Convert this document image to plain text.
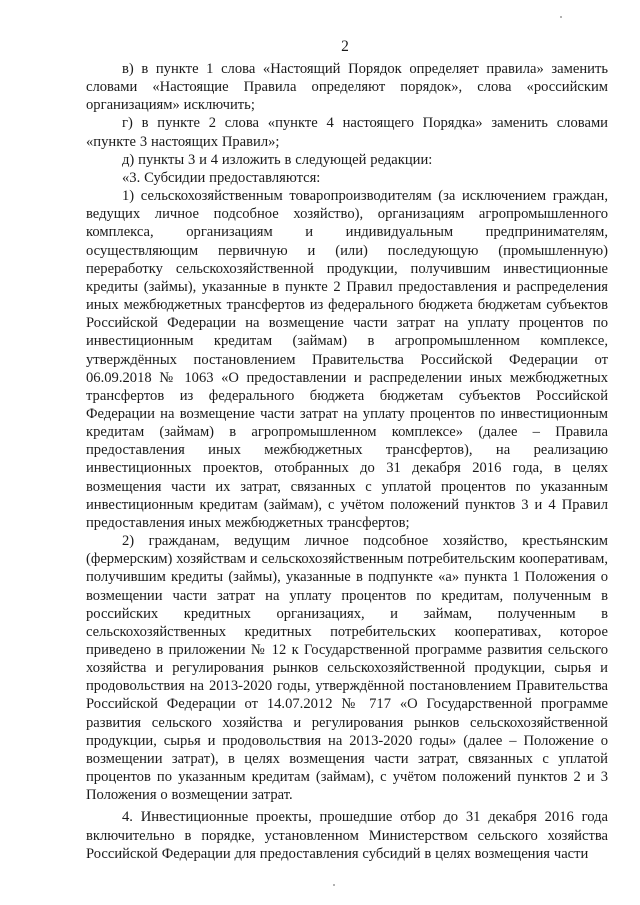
2

в) в пункте 1 слова «Настоящий Порядок определяет правила» заменить словами «Настоящие Правила определяют порядок», слова «российским организациям» исключить;

г) в пункте 2 слова «пункте 4 настоящего Порядка» заменить словами «пункте 3 настоящих Правил»;

д) пункты 3 и 4 изложить в следующей редакции:

«3. Субсидии предоставляются:

1) сельскохозяйственным товаропроизводителям (за исключением граждан, ведущих личное подсобное хозяйство), организациям агропромышленного комплекса, организациям и индивидуальным предпринимателям, осуществляющим первичную и (или) последующую (промышленную) переработку сельскохозяйственной продукции, получившим инвестиционные кредиты (займы), указанные в пункте 2 Правил предоставления и распределения иных межбюджетных трансфертов из федерального бюджета бюджетам субъектов Российской Федерации на возмещение части затрат на уплату процентов по инвестиционным кредитам (займам) в агропромышленном комплексе, утверждённых постановлением Правительства Российской Федерации от 06.09.2018 № 1063 «О предоставлении и распределении иных межбюджетных трансфертов из федерального бюджета бюджетам субъектов Российской Федерации на возмещение части затрат на уплату процентов по инвестиционным кредитам (займам) в агропромышленном комплексе» (далее – Правила предоставления иных межбюджетных трансфертов), на реализацию инвестиционных проектов, отобранных до 31 декабря 2016 года, в целях возмещения части их затрат, связанных с уплатой процентов по указанным инвестиционным кредитам (займам), с учётом положений пунктов 3 и 4 Правил предоставления иных межбюджетных трансфертов;

2) гражданам, ведущим личное подсобное хозяйство, крестьянским (фермерским) хозяйствам и сельскохозяйственным потребительским кооперативам, получившим кредиты (займы), указанные в подпункте «а» пункта 1 Положения о возмещении части затрат на уплату процентов по кредитам, полученным в российских кредитных организациях, и займам, полученным в сельскохозяйственных кредитных потребительских кооперативах, которое приведено в приложении № 12 к Государственной программе развития сельского хозяйства и регулирования рынков сельскохозяйственной продукции, сырья и продовольствия на 2013-2020 годы, утверждённой постановлением Правительства Российской Федерации от 14.07.2012 № 717 «О Государственной программе развития сельского хозяйства и регулирования рынков сельскохозяйственной продукции, сырья и продовольствия на 2013-2020 годы» (далее – Положение о возмещении затрат), в целях возмещения части затрат, связанных с уплатой процентов по указанным кредитам (займам), с учётом положений пунктов 2 и 3 Положения о возмещении затрат.

4. Инвестиционные проекты, прошедшие отбор до 31 декабря 2016 года включительно в порядке, установленном Министерством сельского хозяйства Российской Федерации для предоставления субсидий в целях возмещения части
